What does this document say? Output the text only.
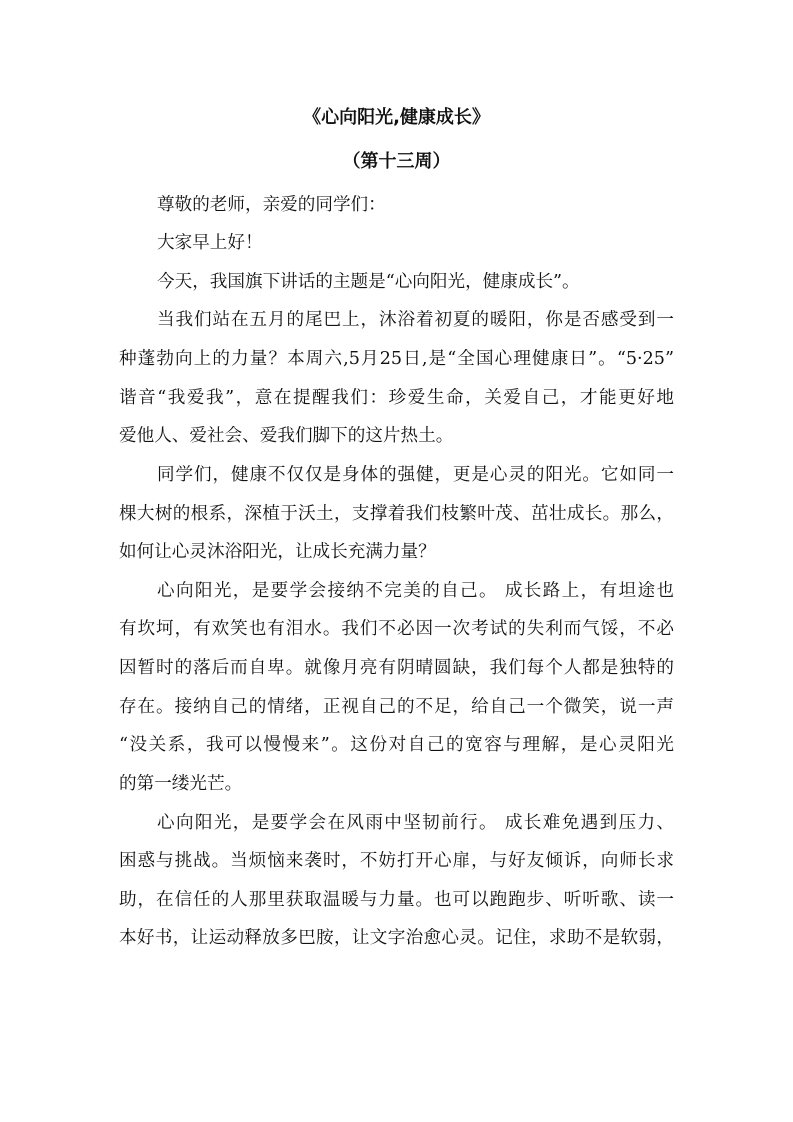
《心向阳光,健康成长》
（第十三周）
尊敬的老师，亲爱的同学们：
大家早上好！
今天，我国旗下讲话的主题是“心向阳光，健康成长”。
当我们站在五月的尾巴上，沐浴着初夏的暖阳，你是否感受到一
种蓬勃向上的力量？本周六,5月25日,是“全国心理健康日”。“5·25”
谐音“我爱我”，意在提醒我们：珍爱生命，关爱自己，才能更好地
爱他人、爱社会、爱我们脚下的这片热土。
同学们，健康不仅仅是身体的强健，更是心灵的阳光。它如同一
棵大树的根系，深植于沃土，支撑着我们枝繁叶茂、茁壮成长。那么，
如何让心灵沐浴阳光，让成长充满力量？
心向阳光，是要学会接纳不完美的自己。 成长路上，有坦途也
有坎坷，有欢笑也有泪水。我们不必因一次考试的失利而气馁，不必
因暂时的落后而自卑。就像月亮有阴晴圆缺，我们每个人都是独特的
存在。接纳自己的情绪，正视自己的不足，给自己一个微笑，说一声
“没关系，我可以慢慢来”。这份对自己的宽容与理解，是心灵阳光
的第一缕光芒。
心向阳光，是要学会在风雨中坚韧前行。 成长难免遇到压力、
困惑与挑战。当烦恼来袭时，不妨打开心扉，与好友倾诉，向师长求
助，在信任的人那里获取温暖与力量。也可以跑跑步、听听歌、读一
本好书，让运动释放多巴胺，让文字治愈心灵。记住，求助不是软弱，
